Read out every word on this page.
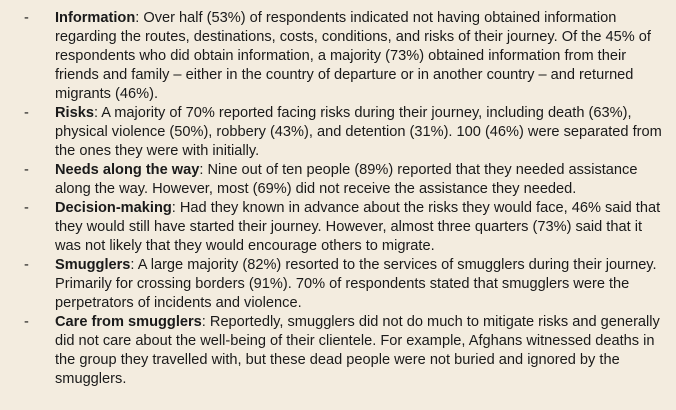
- Information: Over half (53%) of respondents indicated not having obtained information regarding the routes, destinations, costs, conditions, and risks of their journey. Of the 45% of respondents who did obtain information, a majority (73%) obtained information from their friends and family – either in the country of departure or in another country – and returned migrants (46%).
- Risks: A majority of 70% reported facing risks during their journey, including death (63%), physical violence (50%), robbery (43%), and detention (31%). 100 (46%) were separated from the ones they were with initially.
- Needs along the way: Nine out of ten people (89%) reported that they needed assistance along the way. However, most (69%) did not receive the assistance they needed.
- Decision-making: Had they known in advance about the risks they would face, 46% said that they would still have started their journey. However, almost three quarters (73%) said that it was not likely that they would encourage others to migrate.
- Smugglers: A large majority (82%) resorted to the services of smugglers during their journey. Primarily for crossing borders (91%). 70% of respondents stated that smugglers were the perpetrators of incidents and violence.
- Care from smugglers: Reportedly, smugglers did not do much to mitigate risks and generally did not care about the well-being of their clientele. For example, Afghans witnessed deaths in the group they travelled with, but these dead people were not buried and ignored by the smugglers.
